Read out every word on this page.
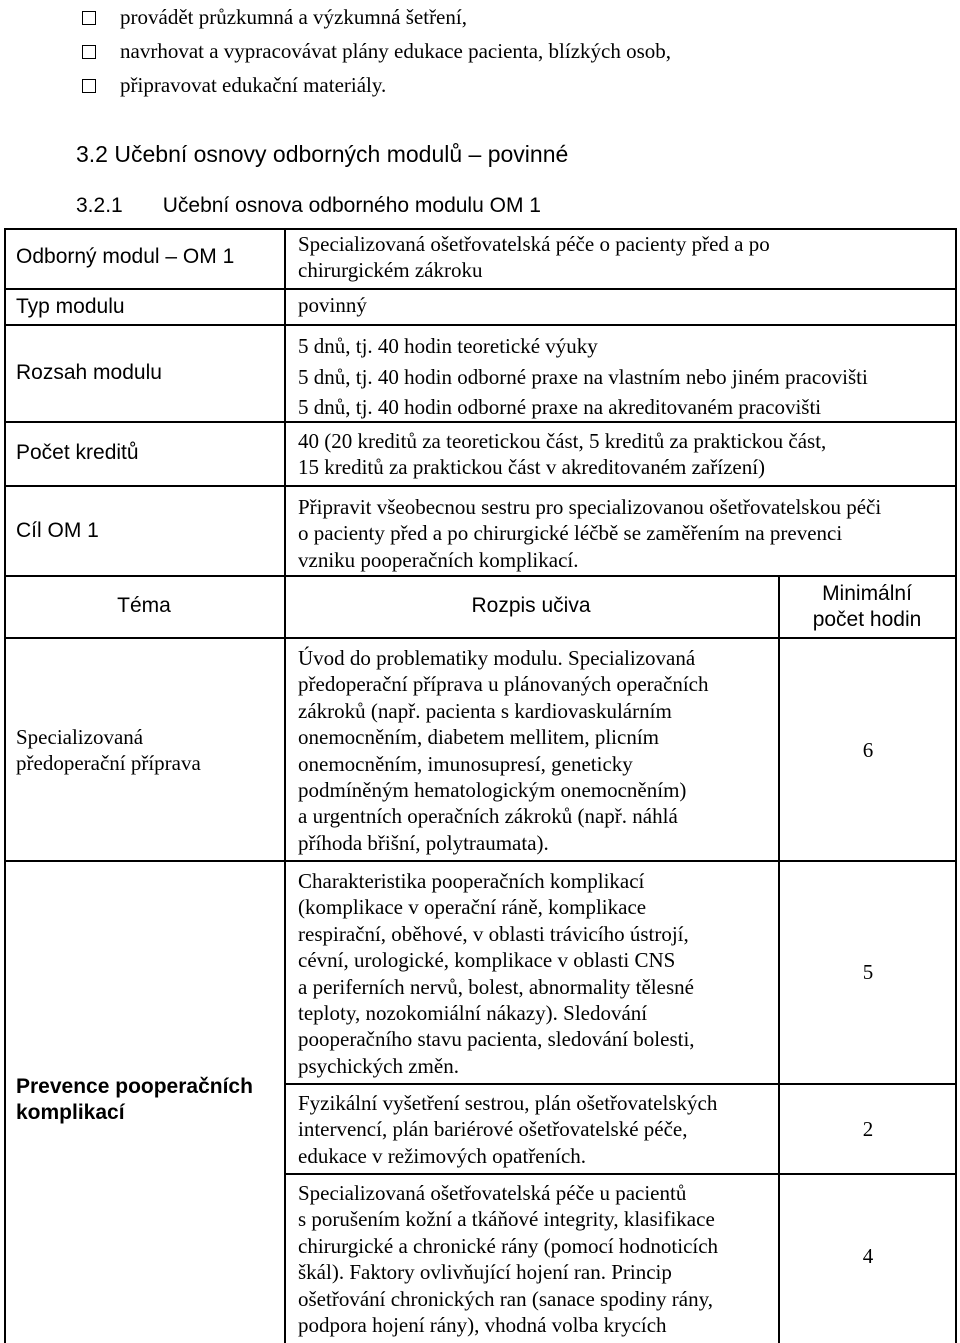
provádět průzkumná a výzkumná šetření,
navrhovat a vypracovávat plány edukace pacienta, blízkých osob,
připravovat edukační materiály.
3.2 Učební osnovy odborných modulů – povinné
3.2.1 Učební osnova odborného modulu OM 1
Odborný modul – OM 1
Typ modulu
Rozsah modulu
Počet kreditů
Cíl OM 1
Specializovaná ošetřovatelská péče o pacienty před a po
chirurgickém zákroku
povinný
5 dnů, tj. 40 hodin teoretické výuky
5 dnů, tj. 40 hodin odborné praxe na vlastním nebo jiném pracovišti
5 dnů, tj. 40 hodin odborné praxe na akreditovaném pracovišti
40 (20 kreditů za teoretickou část, 5 kreditů za praktickou část,
15 kreditů za praktickou část v akreditovaném zařízení)
Připravit všeobecnou sestru pro specializovanou ošetřovatelskou péči
o pacienty před a po chirurgické léčbě se zaměřením na prevenci
vzniku pooperačních komplikací.
Téma	Rozpis učiva
Minimální
počet hodin
Specializovaná
předoperační příprava
Prevence pooperačních
komplikací
Úvod do problematiky modulu. Specializovaná
předoperační příprava u plánovaných operačních
zákroků (např. pacienta s kardiovaskulárním
onemocněním, diabetem mellitem, plicním
onemocněním, imunosupresí, geneticky
podmíněným hematologickým onemocněním)
a urgentních operačních zákroků (např. náhlá
příhoda břišní, polytraumata).
6
Charakteristika pooperačních komplikací
(komplikace v operační ráně, komplikace
respirační, oběhové, v oblasti trávicího ústrojí,
cévní, urologické, komplikace v oblasti CNS
a periferních nervů, bolest, abnormality tělesné
teploty, nozokomiální nákazy). Sledování
pooperačního stavu pacienta, sledování bolesti,
psychických změn.
5
Fyzikální vyšetření sestrou, plán ošetřovatelských
intervencí, plán bariérové ošetřovatelské péče,
edukace v režimových opatřeních.
2
Specializovaná ošetřovatelská péče u pacientů
s porušením kožní a tkáňové integrity, klasifikace
chirurgické a chronické rány (pomocí hodnoticích
škál). Faktory ovlivňující hojení ran. Princip
ošetřování chronických ran (sanace spodiny rány,
podpora hojení rány), vhodná volba krycích
4
